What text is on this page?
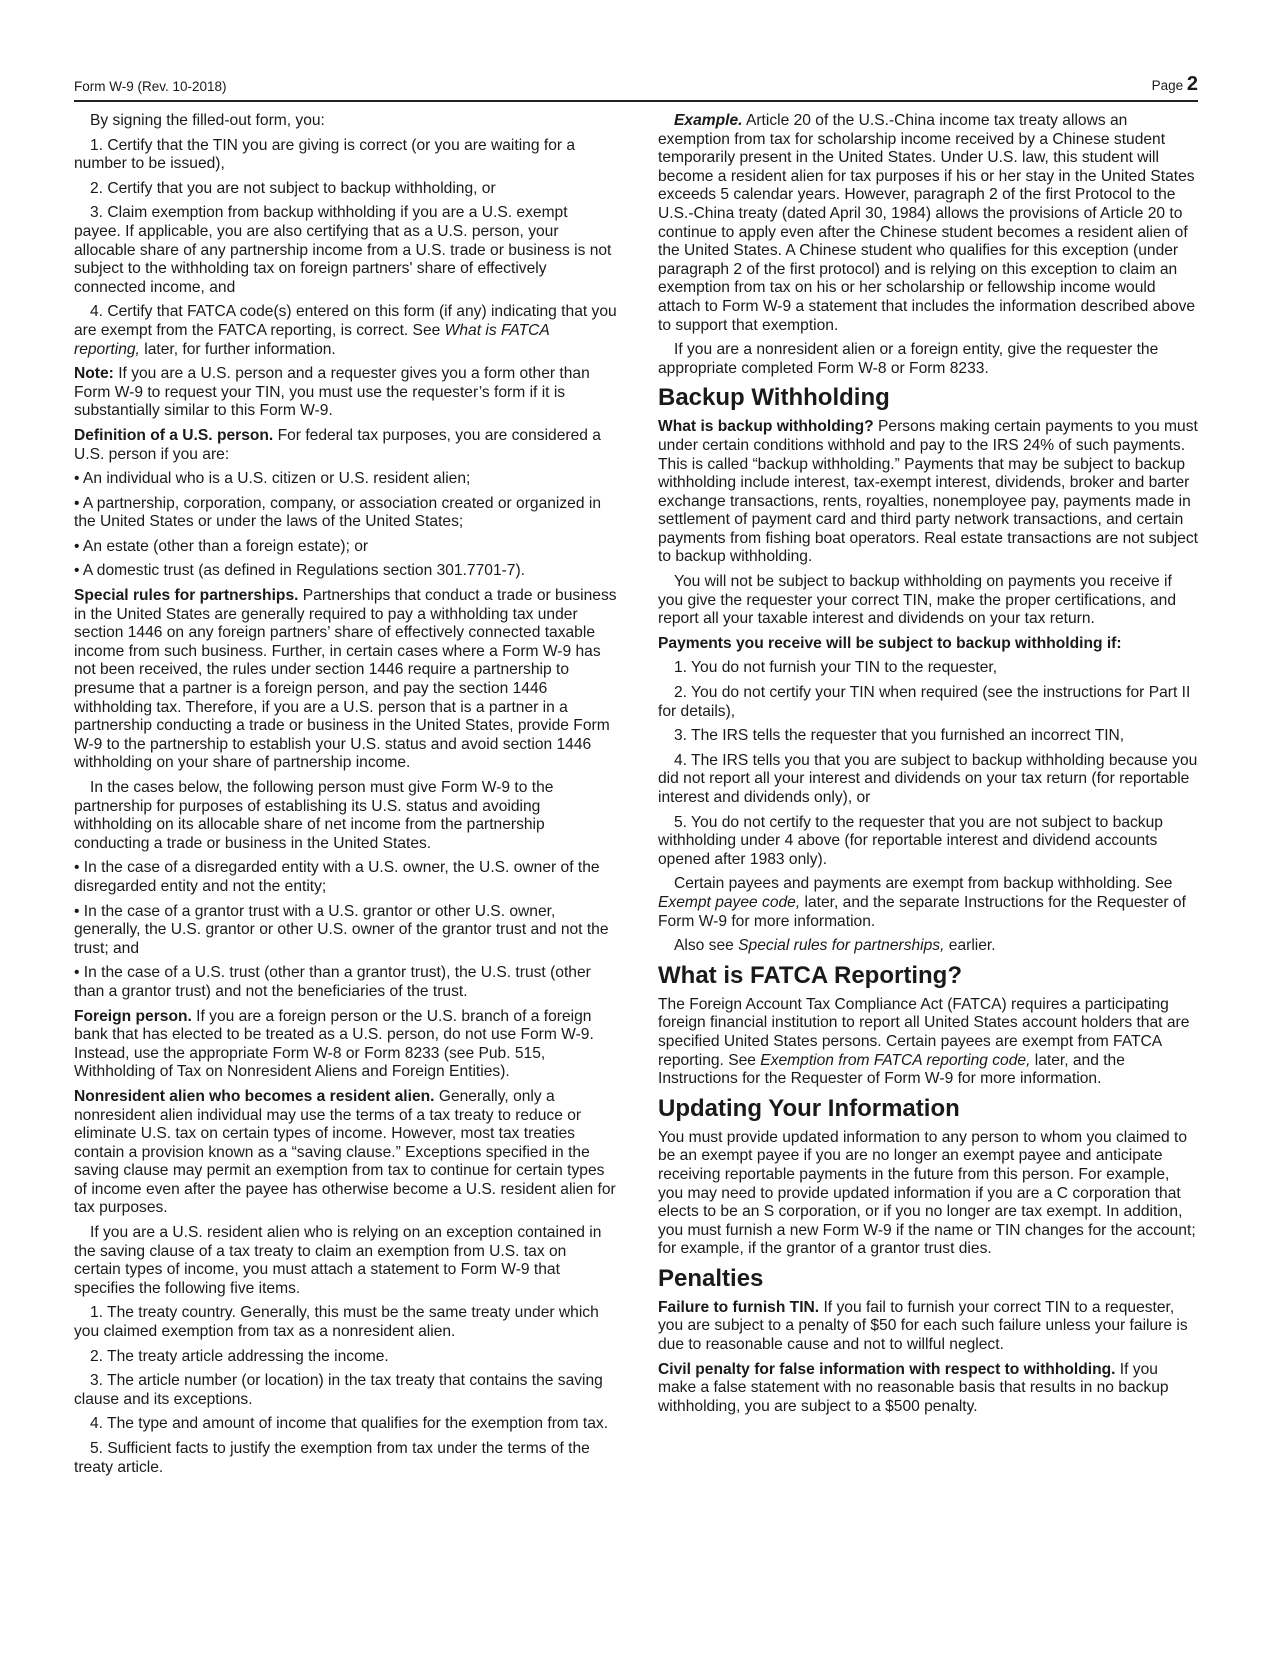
Form W-9 (Rev. 10-2018)	Page 2

By signing the filled-out form, you:

1. Certify that the TIN you are giving is correct (or you are waiting for a number to be issued),

2. Certify that you are not subject to backup withholding, or

3. Claim exemption from backup withholding if you are a U.S. exempt payee. If applicable, you are also certifying that as a U.S. person, your allocable share of any partnership income from a U.S. trade or business is not subject to the withholding tax on foreign partners' share of effectively connected income, and

4. Certify that FATCA code(s) entered on this form (if any) indicating that you are exempt from the FATCA reporting, is correct. See What is FATCA reporting, later, for further information.

Note: If you are a U.S. person and a requester gives you a form other than Form W-9 to request your TIN, you must use the requester’s form if it is substantially similar to this Form W-9.

Definition of a U.S. person. For federal tax purposes, you are considered a U.S. person if you are:

• An individual who is a U.S. citizen or U.S. resident alien;

• A partnership, corporation, company, or association created or organized in the United States or under the laws of the United States;

• An estate (other than a foreign estate); or

• A domestic trust (as defined in Regulations section 301.7701-7).

Special rules for partnerships. Partnerships that conduct a trade or business in the United States are generally required to pay a withholding tax under section 1446 on any foreign partners’ share of effectively connected taxable income from such business. Further, in certain cases where a Form W-9 has not been received, the rules under section 1446 require a partnership to presume that a partner is a foreign person, and pay the section 1446 withholding tax. Therefore, if you are a U.S. person that is a partner in a partnership conducting a trade or business in the United States, provide Form W-9 to the partnership to establish your U.S. status and avoid section 1446 withholding on your share of partnership income.

In the cases below, the following person must give Form W-9 to the partnership for purposes of establishing its U.S. status and avoiding withholding on its allocable share of net income from the partnership conducting a trade or business in the United States.

• In the case of a disregarded entity with a U.S. owner, the U.S. owner of the disregarded entity and not the entity;

• In the case of a grantor trust with a U.S. grantor or other U.S. owner, generally, the U.S. grantor or other U.S. owner of the grantor trust and not the trust; and

• In the case of a U.S. trust (other than a grantor trust), the U.S. trust (other than a grantor trust) and not the beneficiaries of the trust.

Foreign person. If you are a foreign person or the U.S. branch of a foreign bank that has elected to be treated as a U.S. person, do not use Form W-9. Instead, use the appropriate Form W-8 or Form 8233 (see Pub. 515, Withholding of Tax on Nonresident Aliens and Foreign Entities).

Nonresident alien who becomes a resident alien. Generally, only a nonresident alien individual may use the terms of a tax treaty to reduce or eliminate U.S. tax on certain types of income. However, most tax treaties contain a provision known as a “saving clause.” Exceptions specified in the saving clause may permit an exemption from tax to continue for certain types of income even after the payee has otherwise become a U.S. resident alien for tax purposes.

If you are a U.S. resident alien who is relying on an exception contained in the saving clause of a tax treaty to claim an exemption from U.S. tax on certain types of income, you must attach a statement to Form W-9 that specifies the following five items.

1. The treaty country. Generally, this must be the same treaty under which you claimed exemption from tax as a nonresident alien.

2. The treaty article addressing the income.

3. The article number (or location) in the tax treaty that contains the saving clause and its exceptions.

4. The type and amount of income that qualifies for the exemption from tax.

5. Sufficient facts to justify the exemption from tax under the terms of the treaty article.

Example. Article 20 of the U.S.-China income tax treaty allows an exemption from tax for scholarship income received by a Chinese student temporarily present in the United States. Under U.S. law, this student will become a resident alien for tax purposes if his or her stay in the United States exceeds 5 calendar years. However, paragraph 2 of the first Protocol to the U.S.-China treaty (dated April 30, 1984) allows the provisions of Article 20 to continue to apply even after the Chinese student becomes a resident alien of the United States. A Chinese student who qualifies for this exception (under paragraph 2 of the first protocol) and is relying on this exception to claim an exemption from tax on his or her scholarship or fellowship income would attach to Form W-9 a statement that includes the information described above to support that exemption.

If you are a nonresident alien or a foreign entity, give the requester the appropriate completed Form W-8 or Form 8233.

Backup Withholding

What is backup withholding? Persons making certain payments to you must under certain conditions withhold and pay to the IRS 24% of such payments. This is called “backup withholding.” Payments that may be subject to backup withholding include interest, tax-exempt interest, dividends, broker and barter exchange transactions, rents, royalties, nonemployee pay, payments made in settlement of payment card and third party network transactions, and certain payments from fishing boat operators. Real estate transactions are not subject to backup withholding.

You will not be subject to backup withholding on payments you receive if you give the requester your correct TIN, make the proper certifications, and report all your taxable interest and dividends on your tax return.

Payments you receive will be subject to backup withholding if:

1. You do not furnish your TIN to the requester,

2. You do not certify your TIN when required (see the instructions for Part II for details),

3. The IRS tells the requester that you furnished an incorrect TIN,

4. The IRS tells you that you are subject to backup withholding because you did not report all your interest and dividends on your tax return (for reportable interest and dividends only), or

5. You do not certify to the requester that you are not subject to backup withholding under 4 above (for reportable interest and dividend accounts opened after 1983 only).

Certain payees and payments are exempt from backup withholding. See Exempt payee code, later, and the separate Instructions for the Requester of Form W-9 for more information.

Also see Special rules for partnerships, earlier.

What is FATCA Reporting?

The Foreign Account Tax Compliance Act (FATCA) requires a participating foreign financial institution to report all United States account holders that are specified United States persons. Certain payees are exempt from FATCA reporting. See Exemption from FATCA reporting code, later, and the Instructions for the Requester of Form W-9 for more information.

Updating Your Information

You must provide updated information to any person to whom you claimed to be an exempt payee if you are no longer an exempt payee and anticipate receiving reportable payments in the future from this person. For example, you may need to provide updated information if you are a C corporation that elects to be an S corporation, or if you no longer are tax exempt. In addition, you must furnish a new Form W-9 if the name or TIN changes for the account; for example, if the grantor of a grantor trust dies.

Penalties

Failure to furnish TIN. If you fail to furnish your correct TIN to a requester, you are subject to a penalty of $50 for each such failure unless your failure is due to reasonable cause and not to willful neglect.

Civil penalty for false information with respect to withholding. If you make a false statement with no reasonable basis that results in no backup withholding, you are subject to a $500 penalty.
